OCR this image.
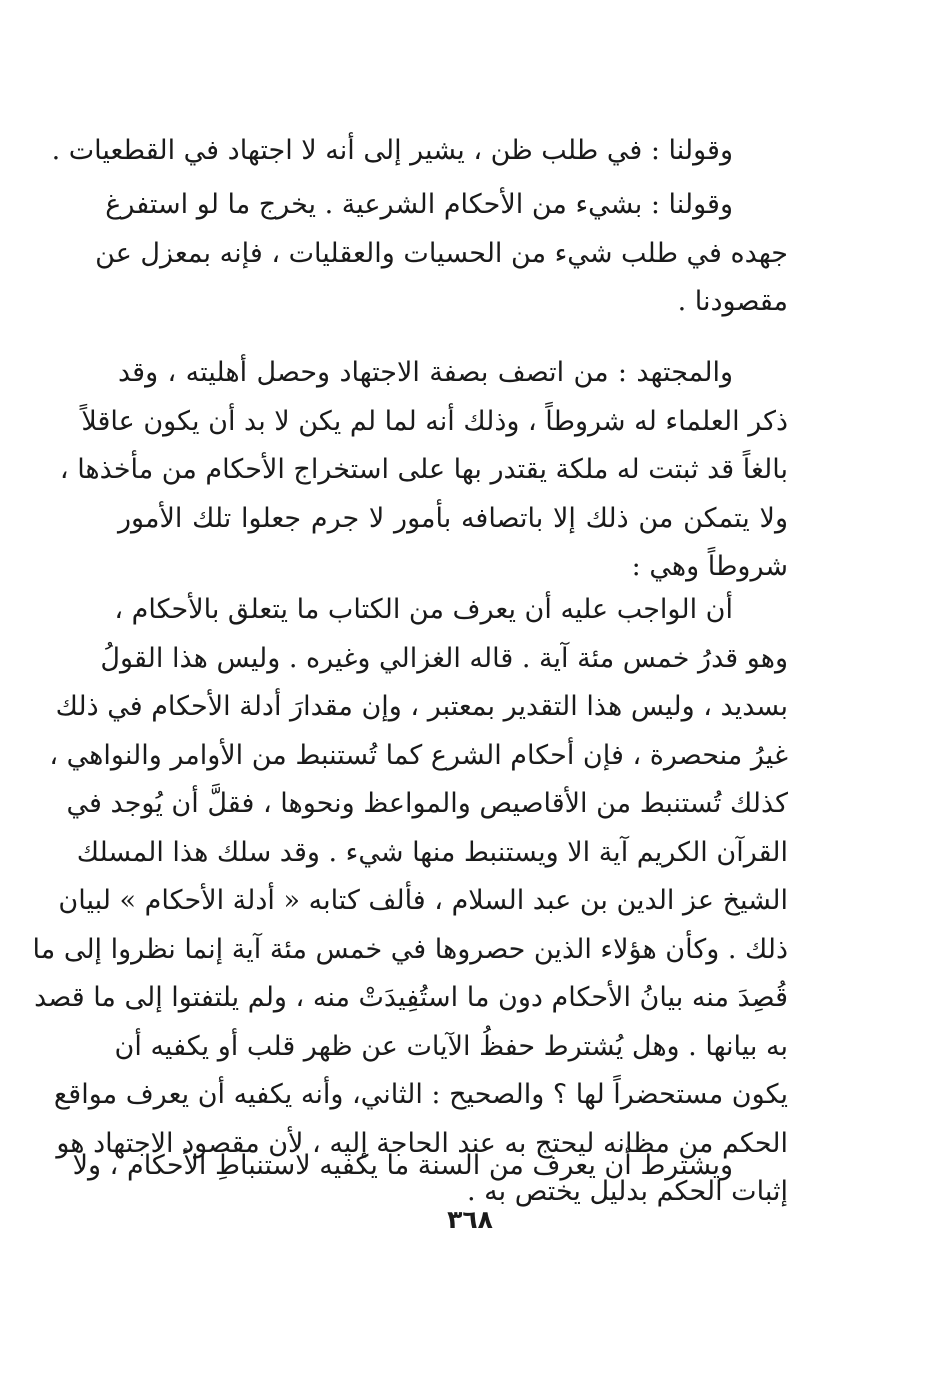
وقولنا : في طلب ظن ، يشير إلى أنه لا اجتهاد في القطعيات .
وقولنا : بشيء من الأحكام الشرعية . يخرج ما لو استفرغ
جهده في طلب شيء من الحسيات والعقليات ، فإنه بمعزل عن
مقصودنا .
والمجتهد : من اتصف بصفة الاجتهاد وحصل أهليته ، وقد
ذكر العلماء له شروطاً ، وذلك أنه لما لم يكن لا بد أن يكون عاقلاً
بالغاً قد ثبتت له ملكة يقتدر بها على استخراج الأحكام من مأخذها ،
ولا يتمكن من ذلك إلا باتصافه بأمور لا جرم جعلوا تلك الأمور
شروطاً وهي :
أن الواجب عليه أن يعرف من الكتاب ما يتعلق بالأحكام ،
وهو قدرُ خمس مئة آية . قاله الغزالي وغيره . وليس هذا القولُ
بسديد ، وليس هذا التقدير بمعتبر ، وإن مقدارَ أدلة الأحكام في ذلك
غيرُ منحصرة ، فإن أحكام الشرع كما تُستنبط من الأوامر والنواهي ،
كذلك تُستنبط من الأقاصيص والمواعظ ونحوها ، فقلَّ أن يُوجد في
القرآن الكريم آية الا ويستنبط منها شيء . وقد سلك هذا المسلك
الشيخ عز الدين بن عبد السلام ، فألف كتابه « أدلة الأحكام » لبيان
ذلك . وكأن هؤلاء الذين حصروها في خمس مئة آية إنما نظروا إلى ما
قُصِدَ منه بيانُ الأحكام دون ما استُفِيدَتْ منه ، ولم يلتفتوا إلى ما قصد
به بيانها . وهل يُشترط حفظُ الآيات عن ظهر قلب أو يكفيه أن
يكون مستحضراً لها ؟ والصحيح : الثاني، وأنه يكفيه أن يعرف مواقع
الحكم من مظانه ليحتج به عند الحاجة إليه ، لأن مقصود الاجتهاد هو
إثبات الحكم بدليل يختص به .
ويشترط أن يعرف من السنة ما يكفيه لاستنباطِ الأحكام ، ولا
٣٦٨
